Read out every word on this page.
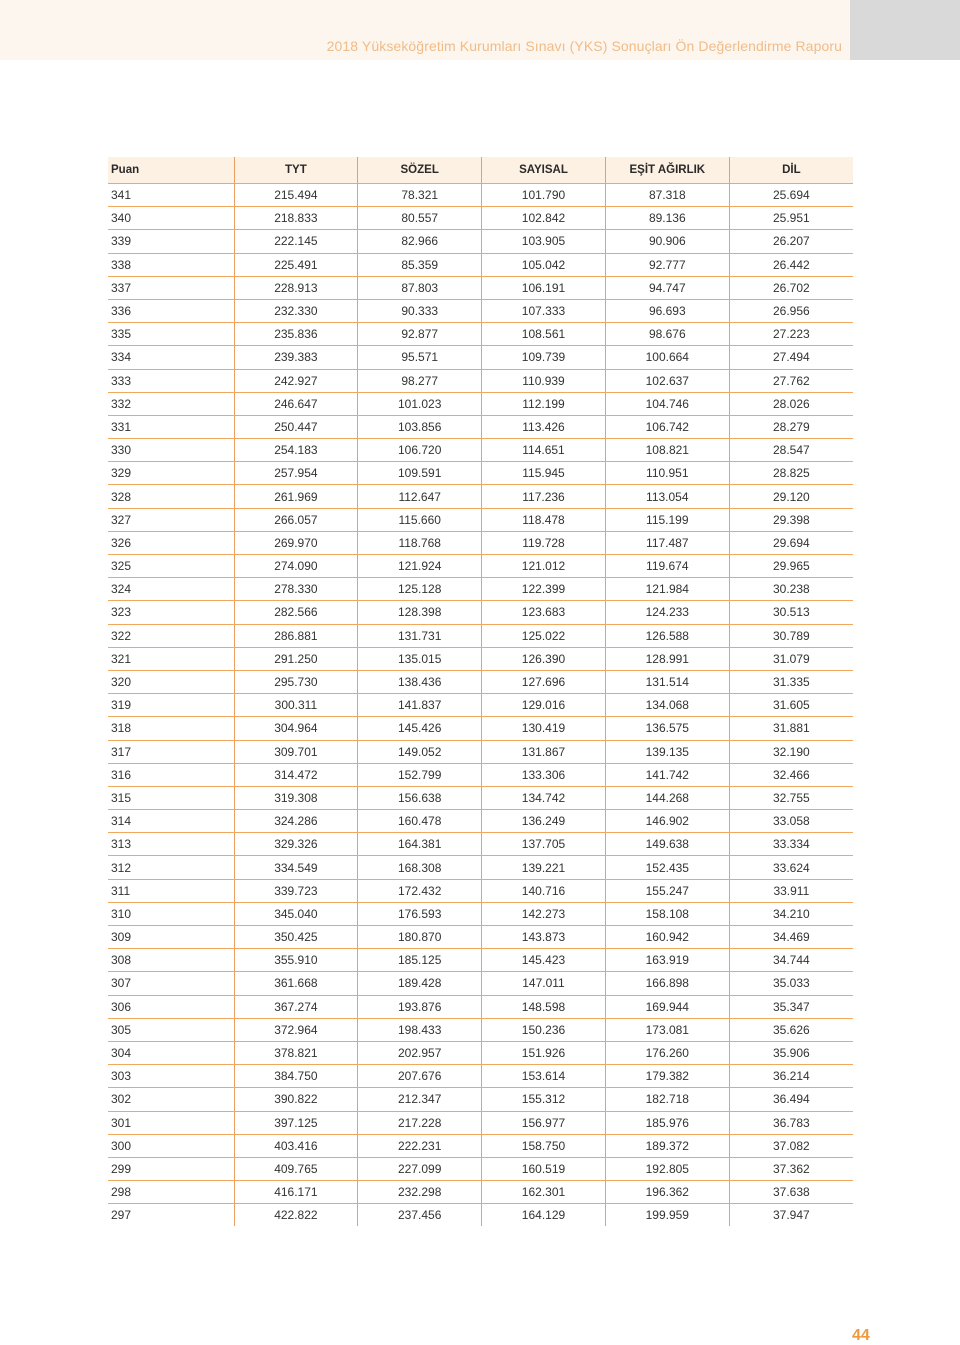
2018 Yükseköğretim Kurumları Sınavı (YKS) Sonuçları Ön Değerlendirme Raporu
Puan	TYT	SÖZEL	SAYISAL	EŞİT AĞIRLIK	DİL
341	215.494	78.321	101.790	87.318	25.694
340	218.833	80.557	102.842	89.136	25.951
339	222.145	82.966	103.905	90.906	26.207
338	225.491	85.359	105.042	92.777	26.442
337	228.913	87.803	106.191	94.747	26.702
336	232.330	90.333	107.333	96.693	26.956
335	235.836	92.877	108.561	98.676	27.223
334	239.383	95.571	109.739	100.664	27.494
333	242.927	98.277	110.939	102.637	27.762
332	246.647	101.023	112.199	104.746	28.026
331	250.447	103.856	113.426	106.742	28.279
330	254.183	106.720	114.651	108.821	28.547
329	257.954	109.591	115.945	110.951	28.825
328	261.969	112.647	117.236	113.054	29.120
327	266.057	115.660	118.478	115.199	29.398
326	269.970	118.768	119.728	117.487	29.694
325	274.090	121.924	121.012	119.674	29.965
324	278.330	125.128	122.399	121.984	30.238
323	282.566	128.398	123.683	124.233	30.513
322	286.881	131.731	125.022	126.588	30.789
321	291.250	135.015	126.390	128.991	31.079
320	295.730	138.436	127.696	131.514	31.335
319	300.311	141.837	129.016	134.068	31.605
318	304.964	145.426	130.419	136.575	31.881
317	309.701	149.052	131.867	139.135	32.190
316	314.472	152.799	133.306	141.742	32.466
315	319.308	156.638	134.742	144.268	32.755
314	324.286	160.478	136.249	146.902	33.058
313	329.326	164.381	137.705	149.638	33.334
312	334.549	168.308	139.221	152.435	33.624
311	339.723	172.432	140.716	155.247	33.911
310	345.040	176.593	142.273	158.108	34.210
309	350.425	180.870	143.873	160.942	34.469
308	355.910	185.125	145.423	163.919	34.744
307	361.668	189.428	147.011	166.898	35.033
306	367.274	193.876	148.598	169.944	35.347
305	372.964	198.433	150.236	173.081	35.626
304	378.821	202.957	151.926	176.260	35.906
303	384.750	207.676	153.614	179.382	36.214
302	390.822	212.347	155.312	182.718	36.494
301	397.125	217.228	156.977	185.976	36.783
300	403.416	222.231	158.750	189.372	37.082
299	409.765	227.099	160.519	192.805	37.362
298	416.171	232.298	162.301	196.362	37.638
297	422.822	237.456	164.129	199.959	37.947
44
